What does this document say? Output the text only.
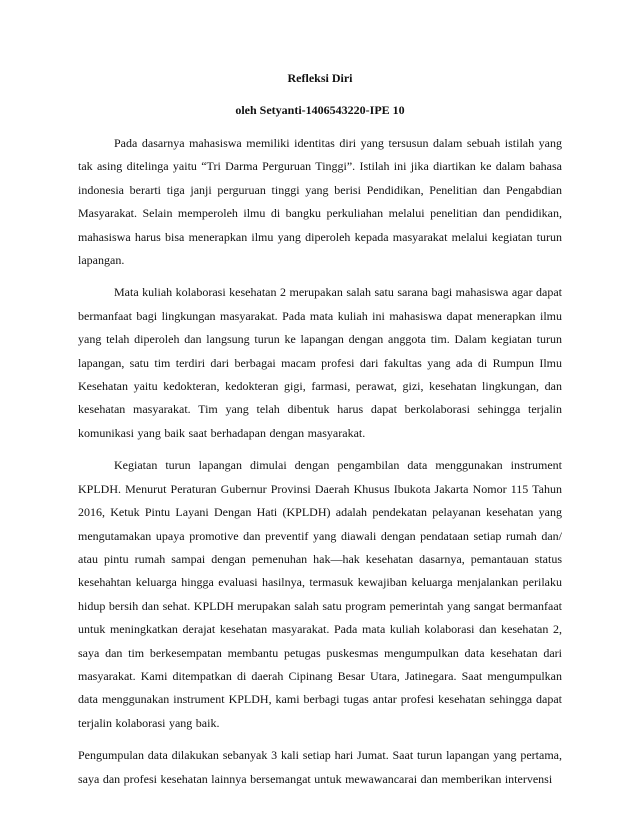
Refleksi Diri
oleh Setyanti-1406543220-IPE 10

Pada dasarnya mahasiswa memiliki identitas diri yang tersusun dalam sebuah istilah yang tak asing ditelinga yaitu “Tri Darma Perguruan Tinggi”. Istilah ini jika diartikan ke dalam bahasa indonesia berarti tiga janji perguruan tinggi yang berisi Pendidikan, Penelitian dan Pengabdian Masyarakat. Selain memperoleh ilmu di bangku perkuliahan melalui penelitian dan pendidikan, mahasiswa harus bisa menerapkan ilmu yang diperoleh kepada masyarakat melalui kegiatan turun lapangan.

Mata kuliah kolaborasi kesehatan 2 merupakan salah satu sarana bagi mahasiswa agar dapat bermanfaat bagi lingkungan masyarakat. Pada mata kuliah ini mahasiswa dapat menerapkan ilmu yang telah diperoleh dan langsung turun ke lapangan dengan anggota tim. Dalam kegiatan turun lapangan, satu tim terdiri dari berbagai macam profesi dari fakultas yang ada di Rumpun Ilmu Kesehatan yaitu kedokteran, kedokteran gigi, farmasi, perawat, gizi, kesehatan lingkungan, dan kesehatan masyarakat. Tim yang telah dibentuk harus dapat berkolaborasi sehingga terjalin komunikasi yang baik saat berhadapan dengan masyarakat.

Kegiatan turun lapangan dimulai dengan pengambilan data menggunakan instrument KPLDH. Menurut Peraturan Gubernur Provinsi Daerah Khusus Ibukota Jakarta Nomor 115 Tahun 2016, Ketuk Pintu Layani Dengan Hati (KPLDH) adalah pendekatan pelayanan kesehatan yang mengutamakan upaya promotive dan preventif yang diawali dengan pendataan setiap rumah dan/ atau pintu rumah sampai dengan pemenuhan hak—hak kesehatan dasarnya, pemantauan status kesehahtan keluarga hingga evaluasi hasilnya, termasuk kewajiban keluarga menjalankan perilaku hidup bersih dan sehat. KPLDH merupakan salah satu program pemerintah yang sangat bermanfaat untuk meningkatkan derajat kesehatan masyarakat. Pada mata kuliah kolaborasi dan kesehatan 2, saya dan tim berkesempatan membantu petugas puskesmas mengumpulkan data kesehatan dari masyarakat. Kami ditempatkan di daerah Cipinang Besar Utara, Jatinegara. Saat mengumpulkan data menggunakan instrument KPLDH, kami berbagi tugas antar profesi kesehatan sehingga dapat terjalin kolaborasi yang baik.

Pengumpulan data dilakukan sebanyak 3 kali setiap hari Jumat. Saat turun lapangan yang pertama, saya dan profesi kesehatan lainnya bersemangat untuk mewawancarai dan memberikan intervensi
